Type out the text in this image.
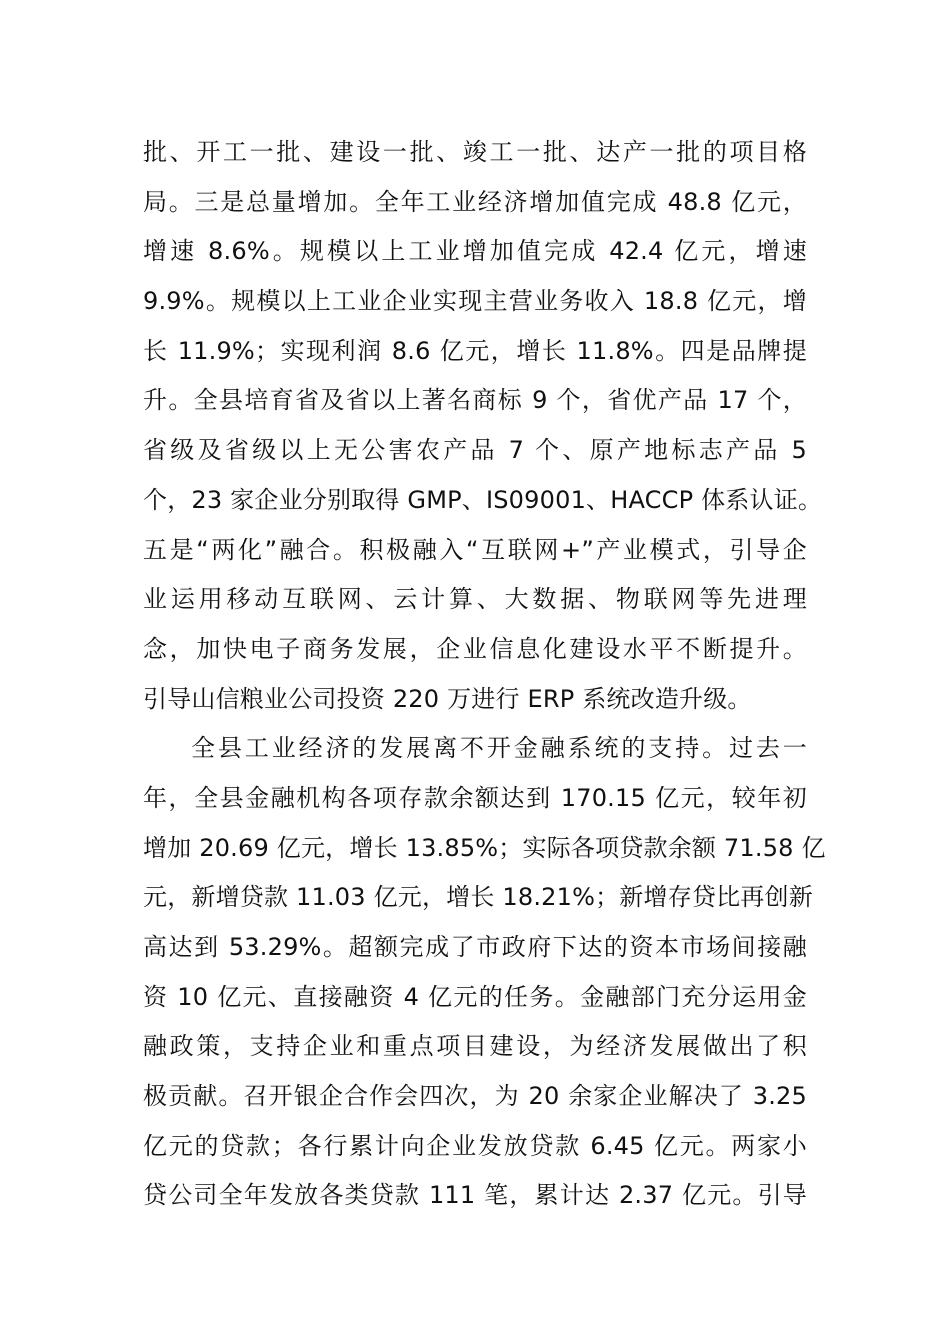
批、开工一批、建设一批、竣工一批、达产一批的项目格
局。三是总量增加。全年工业经济增加值完成 48.8 亿元，
增速 8.6%。规模以上工业增加值完成 42.4 亿元，增速
9.9%。规模以上工业企业实现主营业务收入 18.8 亿元，增
长 11.9%；实现利润 8.6 亿元，增长 11.8%。四是品牌提
升。全县培育省及省以上著名商标 9 个，省优产品 17 个，
省级及省级以上无公害农产品 7 个、原产地标志产品 5
个，23 家企业分别取得 GMP、IS09001、HACCP 体系认证。
五是“两化”融合。积极融入“互联网+”产业模式，引导企
业运用移动互联网、云计算、大数据、物联网等先进理
念，加快电子商务发展，企业信息化建设水平不断提升。
引导山信粮业公司投资 220 万进行 ERP 系统改造升级。
全县工业经济的发展离不开金融系统的支持。过去一
年，全县金融机构各项存款余额达到 170.15 亿元，较年初
增加 20.69 亿元，增长 13.85%；实际各项贷款余额 71.58 亿
元，新增贷款 11.03 亿元，增长 18.21%；新增存贷比再创新
高达到 53.29%。超额完成了市政府下达的资本市场间接融
资 10 亿元、直接融资 4 亿元的任务。金融部门充分运用金
融政策，支持企业和重点项目建设，为经济发展做出了积
极贡献。召开银企合作会四次，为 20 余家企业解决了 3.25
亿元的贷款；各行累计向企业发放贷款 6.45 亿元。两家小
贷公司全年发放各类贷款 111 笔，累计达 2.37 亿元。引导
